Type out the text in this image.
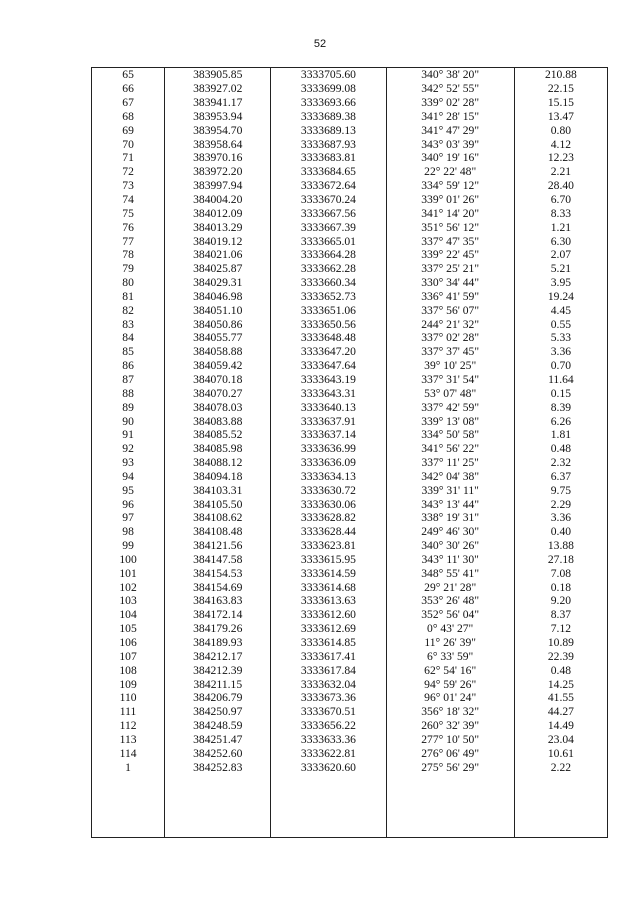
52
65	383905.85	3333705.60	340° 38' 20"	210.88
66	383927.02	3333699.08	342° 52' 55"	22.15
67	383941.17	3333693.66	339° 02' 28"	15.15
68	383953.94	3333689.38	341° 28' 15"	13.47
69	383954.70	3333689.13	341° 47' 29"	0.80
70	383958.64	3333687.93	343° 03' 39"	4.12
71	383970.16	3333683.81	340° 19' 16"	12.23
72	383972.20	3333684.65	22° 22' 48"	2.21
73	383997.94	3333672.64	334° 59' 12"	28.40
74	384004.20	3333670.24	339° 01' 26"	6.70
75	384012.09	3333667.56	341° 14' 20"	8.33
76	384013.29	3333667.39	351° 56' 12"	1.21
77	384019.12	3333665.01	337° 47' 35"	6.30
78	384021.06	3333664.28	339° 22' 45"	2.07
79	384025.87	3333662.28	337° 25' 21"	5.21
80	384029.31	3333660.34	330° 34' 44"	3.95
81	384046.98	3333652.73	336° 41' 59"	19.24
82	384051.10	3333651.06	337° 56' 07"	4.45
83	384050.86	3333650.56	244° 21' 32"	0.55
84	384055.77	3333648.48	337° 02' 28"	5.33
85	384058.88	3333647.20	337° 37' 45"	3.36
86	384059.42	3333647.64	39° 10' 25"	0.70
87	384070.18	3333643.19	337° 31' 54"	11.64
88	384070.27	3333643.31	53° 07' 48"	0.15
89	384078.03	3333640.13	337° 42' 59"	8.39
90	384083.88	3333637.91	339° 13' 08"	6.26
91	384085.52	3333637.14	334° 50' 58"	1.81
92	384085.98	3333636.99	341° 56' 22"	0.48
93	384088.12	3333636.09	337° 11' 25"	2.32
94	384094.18	3333634.13	342° 04' 38"	6.37
95	384103.31	3333630.72	339° 31' 11"	9.75
96	384105.50	3333630.06	343° 13' 44"	2.29
97	384108.62	3333628.82	338° 19' 31"	3.36
98	384108.48	3333628.44	249° 46' 30"	0.40
99	384121.56	3333623.81	340° 30' 26"	13.88
100	384147.58	3333615.95	343° 11' 30"	27.18
101	384154.53	3333614.59	348° 55' 41"	7.08
102	384154.69	3333614.68	29° 21' 28"	0.18
103	384163.83	3333613.63	353° 26' 48"	9.20
104	384172.14	3333612.60	352° 56' 04"	8.37
105	384179.26	3333612.69	0° 43' 27"	7.12
106	384189.93	3333614.85	11° 26' 39"	10.89
107	384212.17	3333617.41	6° 33' 59"	22.39
108	384212.39	3333617.84	62° 54' 16"	0.48
109	384211.15	3333632.04	94° 59' 26"	14.25
110	384206.79	3333673.36	96° 01' 24"	41.55
111	384250.97	3333670.51	356° 18' 32"	44.27
112	384248.59	3333656.22	260° 32' 39"	14.49
113	384251.47	3333633.36	277° 10' 50"	23.04
114	384252.60	3333622.81	276° 06' 49"	10.61
1	384252.83	3333620.60	275° 56' 29"	2.22
